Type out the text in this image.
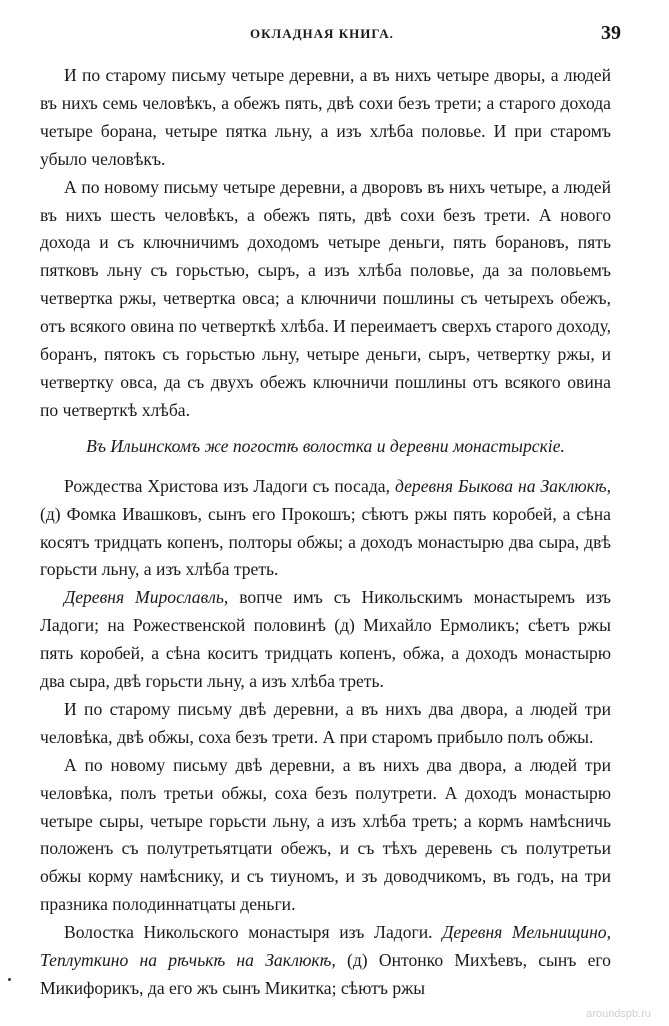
ОКЛАДНАЯ КНИГА.	39

И по старому письму четыре деревни, а въ нихъ четыре дворы, а людей въ нихъ семь человѣкъ, а обежъ пять, двѣ сохи безъ трети; а старого дохода четыре борана, четыре пятка льну, а изъ хлѣба половье. И при старомъ убыло человѣкъ.

А по новому письму четыре деревни, а дворовъ въ нихъ четыре, а людей въ нихъ шесть человѣкъ, а обежъ пять, двѣ сохи безъ трети. А нового дохода и съ ключничимъ доходомъ четыре деньги, пять борановъ, пять пятковъ льну съ горьстью, сыръ, а изъ хлѣба половье, да за половьемъ четвертка ржы, четвертка овса; а ключничи пошлины съ четырехъ обежъ, отъ всякого овина по четверткѣ хлѣба. И переимаетъ сверхъ старого доходу, боранъ, пятокъ съ горьстью льну, четыре деньги, сыръ, четвертку ржы, и четвертку овса, да съ двухъ обежъ ключничи пошлины отъ всякого овина по четверткѣ хлѣба.

Въ Ильинскомъ же погостѣ волостка и деревни монастырскіе.

Рождества Христова изъ Ладоги съ посада, деревня Быкова на Заклюкѣ, (д) Фомка Ивашковъ, сынъ его Прокошъ; сѣютъ ржы пять коробей, а сѣна косятъ тридцать копенъ, полторы обжы; а доходъ монастырю два сыра, двѣ горьсти льну, а изъ хлѣба треть.

Деревня Мирославль, вопче имъ съ Никольскимъ монастыремъ изъ Ладоги; на Рожественской половинѣ (д) Михайло Ермоликъ; сѣетъ ржы пять коробей, а сѣна коситъ тридцать копенъ, обжа, а доходъ монастырю два сыра, двѣ горьсти льну, а изъ хлѣба треть.

И по старому письму двѣ деревни, а въ нихъ два двора, а людей три человѣка, двѣ обжы, соха безъ трети. А при старомъ прибыло полъ обжы.

А по новому письму двѣ деревни, а въ нихъ два двора, а людей три человѣка, полъ третьи обжы, соха безъ полутрети. А доходъ монастырю четыре сыры, четыре горьсти льну, а изъ хлѣба треть; а кормъ намѣсничь положенъ съ полутретьятцати обежъ, и съ тѣхъ деревень съ полутретьи обжы корму намѣснику, и съ тиуномъ, и зъ доводчикомъ, въ годъ, на три празника полодиннатцаты деньги.

Волостка Никольского монастыря изъ Ладоги. Деревня Мельнищино, Теплуткино на рѣчькѣ на Заклюкѣ, (д) Онтонко Михѣевъ, сынъ его Микифорикъ, да его жъ сынъ Микитка; сѣютъ ржы

aroundspb.ru
